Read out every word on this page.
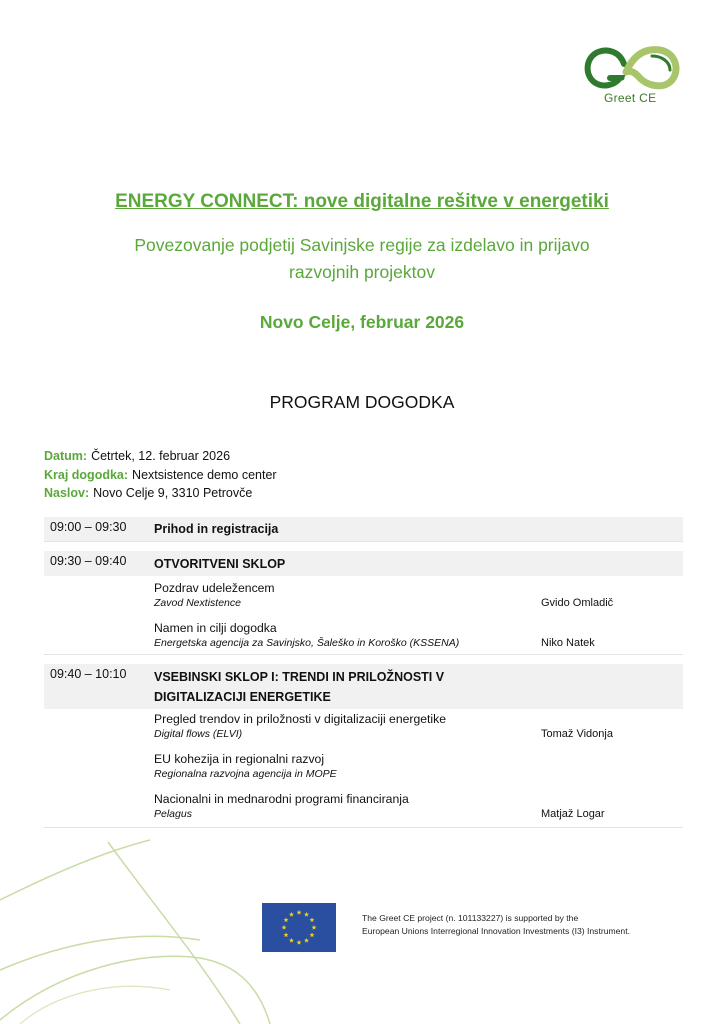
Greet CE
ENERGY CONNECT: nove digitalne rešitve v energetiki
Povezovanje podjetij Savinjske regije za izdelavo in prijavo
razvojnih projektov
Novo Celje, februar 2026
PROGRAM DOGODKA
Datum: Četrtek, 12. februar 2026
Kraj dogodka: Nextsistence demo center
Naslov: Novo Celje 9, 3310 Petrovče
09:00 – 09:30	Prihod in registracija
09:30 – 09:40	OTVORITVENI SKLOP
Pozdrav udeležencem
Zavod Nextistence	Gvido Omladič
Namen in cilji dogodka
Energetska agencija za Savinjsko, Šaleško in Koroško (KSSENA)	Niko Natek
09:40 – 10:10	VSEBINSKI SKLOP I: TRENDI IN PRILOŽNOSTI V DIGITALIZACIJI ENERGETIKE
Pregled trendov in priložnosti v digitalizaciji energetike
Digital flows (ELVI)	Tomaž Vidonja
EU kohezija in regionalni razvoj
Regionalna razvojna agencija in MOPE
Nacionalni in mednarodni programi financiranja
Pelagus	Matjaž Logar
The Greet CE project (n. 101133227) is supported by the
European Unions Interregional Innovation Investments (I3) Instrument.
